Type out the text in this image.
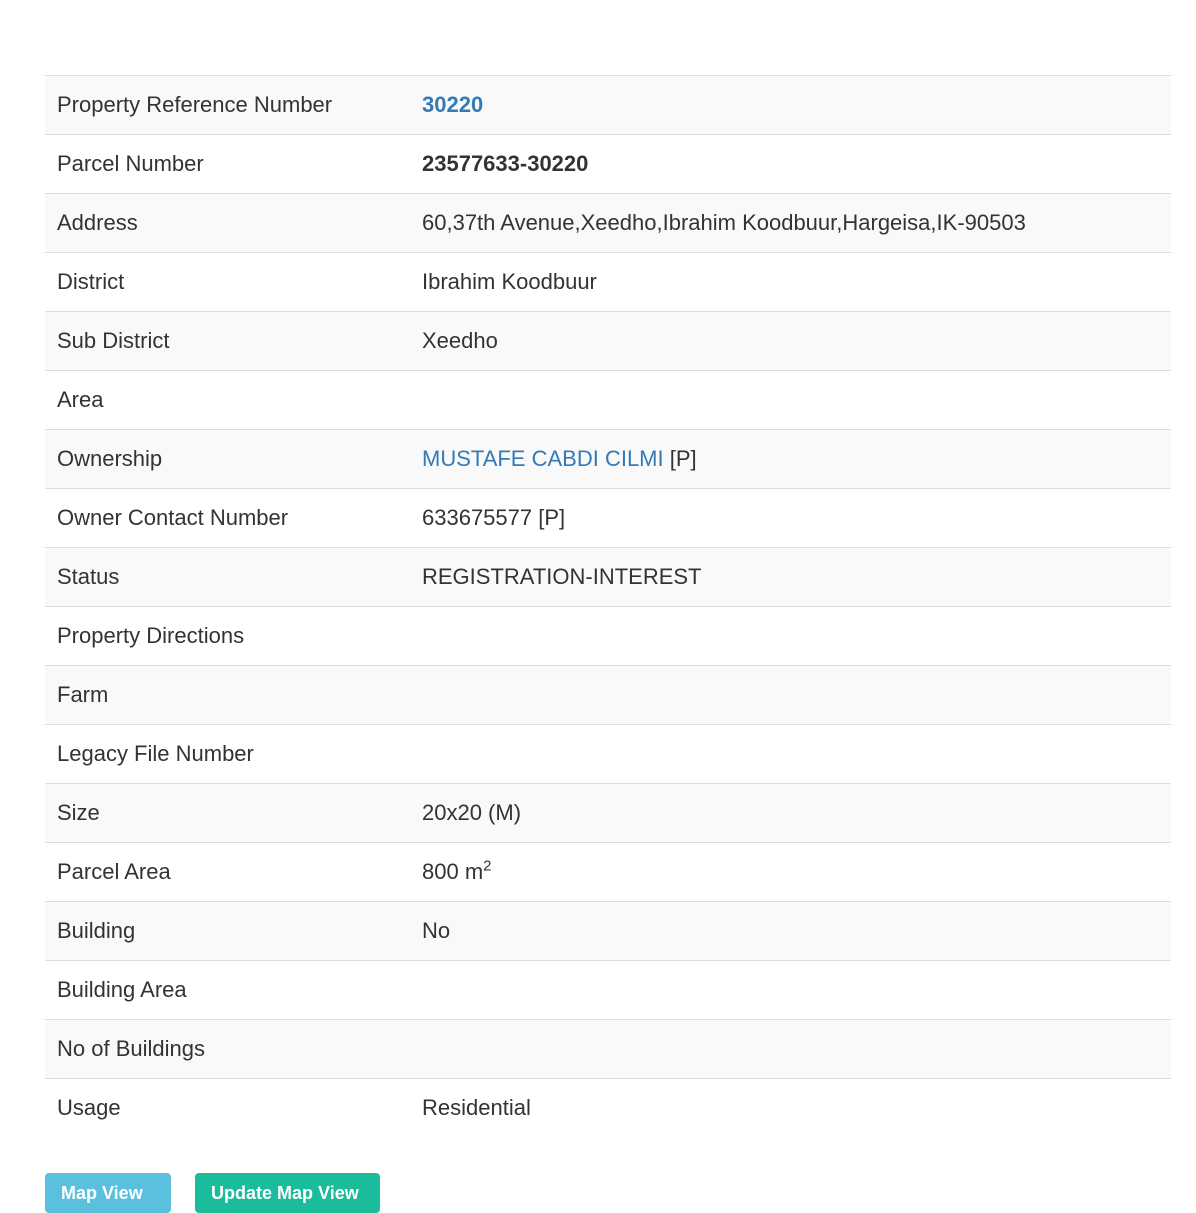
Property Reference Number	30220
Parcel Number	23577633-30220
Address	60,37th Avenue,Xeedho,Ibrahim Koodbuur,Hargeisa,IK-90503
District	Ibrahim Koodbuur
Sub District	Xeedho
Area	
Ownership	MUSTAFE CABDI CILMI [P]
Owner Contact Number	633675577 [P]
Status	REGISTRATION-INTEREST
Property Directions	
Farm	
Legacy File Number	
Size	20x20 (M)
Parcel Area	800 $m^2$
Building	No
Building Area	
No of Buildings	
Usage	Residential
Map View	Update Map View
